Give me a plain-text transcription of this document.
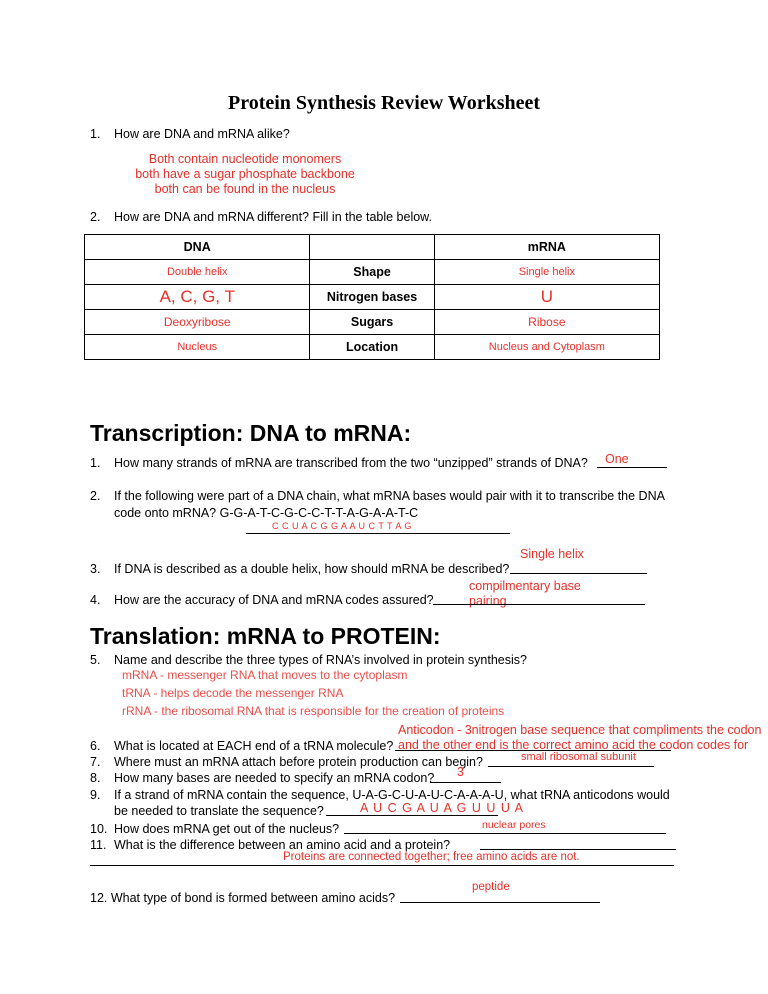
Protein Synthesis Review Worksheet
1. How are DNA and mRNA alike?
Both contain nucleotide monomers
both have a sugar phosphate backbone
both can be found in the nucleus
2. How are DNA and mRNA different? Fill in the table below.
DNA		mRNA
Double helix	Shape	Single helix
A, C, G, T	Nitrogen bases	U
Deoxyribose	Sugars	Ribose
Nucleus	Location	Nucleus and Cytoplasm
Transcription: DNA to mRNA:
1. How many strands of mRNA are transcribed from the two “unzipped” strands of DNA? One
2. If the following were part of a DNA chain, what mRNA bases would pair with it to transcribe the DNA
code onto mRNA? G-G-A-T-C-G-C-C-T-T-A-G-A-A-T-C
C C U A C G G A A U C T T A G
3. If DNA is described as a double helix, how should mRNA be described?
Single helix
4. How are the accuracy of DNA and mRNA codes assured?
compilmentary base
pairing
Translation: mRNA to PROTEIN:
5. Name and describe the three types of RNA’s involved in protein synthesis?
mRNA - messenger RNA that moves to the cytoplasm
tRNA - helps decode the messenger RNA
rRNA - the ribosomal RNA that is responsible for the creation of proteins
6. What is located at EACH end of a tRNA molecule?
Anticodon - 3nitrogen base sequence that compliments the codon
and the other end is the correct amino acid the codon codes for
7. Where must an mRNA attach before protein production can begin?	small ribosomal subunit
8. How many bases are needed to specify an mRNA codon? 3
9. If a strand of mRNA contain the sequence, U-A-G-C-U-A-U-C-A-A-A-U, what tRNA anticodons would
be needed to translate the sequence?	A U C G A U A G U U U A
10. How does mRNA get out of the nucleus?	nuclear pores
11. What is the difference between an amino acid and a protein?
Proteins are connected together; free amino acids are not.
12. What type of bond is formed between amino acids?
peptide
